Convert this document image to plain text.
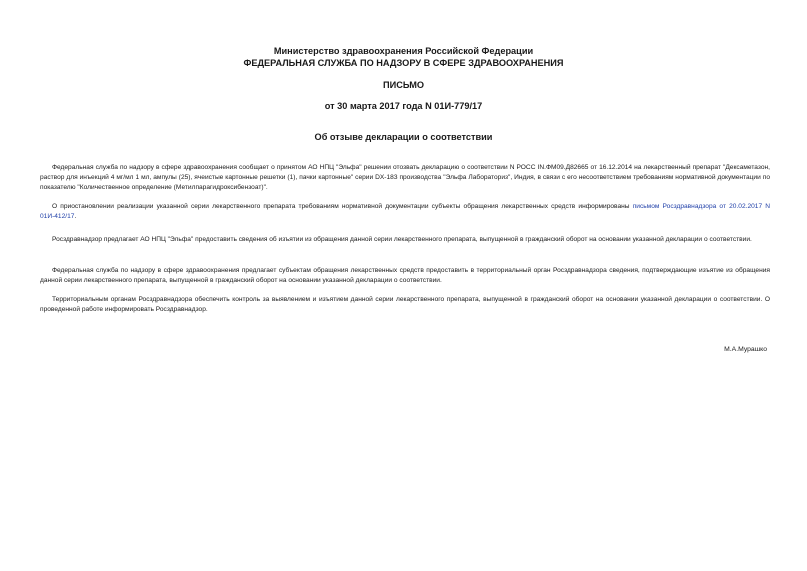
Министерство здравоохранения Российской Федерации
ФЕДЕРАЛЬНАЯ СЛУЖБА ПО НАДЗОРУ В СФЕРЕ ЗДРАВООХРАНЕНИЯ
ПИСЬМО
от 30 марта 2017 года N 01И-779/17
Об отзыве декларации о соответствии

Федеральная служба по надзору в сфере здравоохранения сообщает о принятом АО НПЦ "Эльфа" решении отозвать декларацию о соответствии N РОСС IN.ФМ09.Д82665 от 16.12.2014 на лекарственный препарат "Дексаметазон, раствор для инъекций 4 мг/мл 1 мл, ампулы (25), ячеистые картонные решетки (1), пачки картонные" серии DX-183 производства "Эльфа Лабораториз", Индия, в связи с его несоответствием требованиям нормативной документации по показателю "Количественное определение (Метилпарагидроксибензоат)".

О приостановлении реализации указанной серии лекарственного препарата требованиям нормативной документации субъекты обращения лекарственных средств информированы письмом Росздравнадзора от 20.02.2017 N 01И-412/17.

Росздравнадзор предлагает АО НПЦ "Эльфа" предоставить сведения об изъятии из обращения данной серии лекарственного препарата, выпущенной в гражданский оборот на основании указанной декларации о соответствии.

Федеральная служба по надзору в сфере здравоохранения предлагает субъектам обращения лекарственных средств предоставить в территориальный орган Росздравнадзора сведения, подтверждающие изъятие из обращения данной серии лекарственного препарата, выпущенной в гражданский оборот на основании указанной декларации о соответствии.

Территориальным органам Росздравнадзора обеспечить контроль за выявлением и изъятием данной серии лекарственного препарата, выпущенной в гражданский оборот на основании указанной декларации о соответствии. О проведенной работе информировать Росздравнадзор.

М.А.Мурашко
